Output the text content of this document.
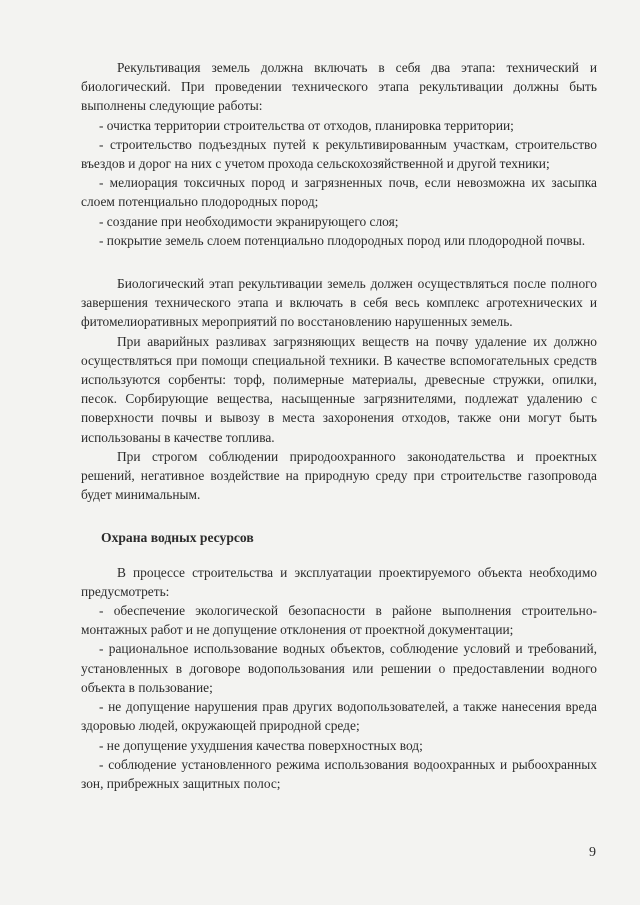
Рекультивация земель должна включать в себя два этапа: технический и биологический. При проведении технического этапа рекультивации должны быть выполнены следующие работы:

- очистка территории строительства от отходов, планировка территории;

- строительство подъездных путей к рекультивированным участкам, строительство въездов и дорог на них с учетом прохода сельскохозяйственной и другой техники;

- мелиорация токсичных пород и загрязненных почв, если невозможна их засыпка слоем потенциально плодородных пород;

- создание при необходимости экранирующего слоя;

- покрытие земель слоем потенциально плодородных пород или плодородной почвы.

Биологический этап рекультивации земель должен осуществляться после полного завершения технического этапа и включать в себя весь комплекс агротехнических и фитомелиоративных мероприятий по восстановлению нарушенных земель.

При аварийных разливах загрязняющих веществ на почву удаление их должно осуществляться при помощи специальной техники. В качестве вспомогательных средств используются сорбенты: торф, полимерные материалы, древесные стружки, опилки, песок. Сорбирующие вещества, насыщенные загрязнителями, подлежат удалению с поверхности почвы и вывозу в места захоронения отходов, также они могут быть использованы в качестве топлива.

При строгом соблюдении природоохранного законодательства и проектных решений, негативное воздействие на природную среду при строительстве газопровода будет минимальным.

Охрана водных ресурсов

В процессе строительства и эксплуатации проектируемого объекта необходимо предусмотреть:

- обеспечение экологической безопасности в районе выполнения строительно-монтажных работ и не допущение отклонения от проектной документации;

- рациональное использование водных объектов, соблюдение условий и требований, установленных в договоре водопользования или решении о предоставлении водного объекта в пользование;

- не допущение нарушения прав других водопользователей, а также нанесения вреда здоровью людей, окружающей природной среде;

- не допущение ухудшения качества поверхностных вод;

- соблюдение установленного режима использования водоохранных и рыбоохранных зон, прибрежных защитных полос;

9
